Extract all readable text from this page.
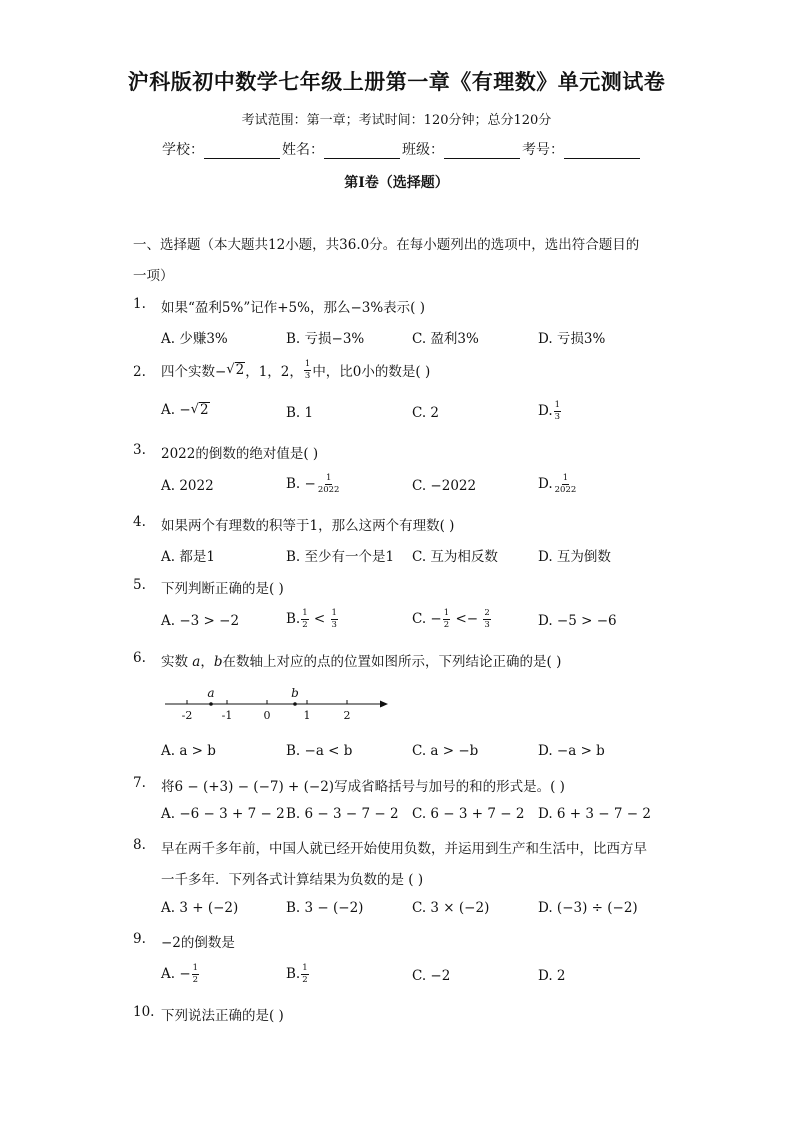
沪科版初中数学七年级上册第一章《有理数》单元测试卷
考试范围：第一章；考试时间：120分钟；总分120分
学校：	姓名：	班级：	考号：
第I卷（选择题）
一、选择题（本大题共12小题，共36.0分。在每小题列出的选项中，选出符合题目的
一项）
1. 如果“盈利5%”记作+5%，那么−3%表示( )
A. 少赚3%	B. 亏损−3%	C. 盈利3%	D. 亏损3%
2. 四个实数− √ 2 ，1，2， $\frac{1}{3}$ 中，比0小的数是( )
A. − √ 2	B. 1	C. 2	D. $\frac{1}{3}$
3. 2022的倒数的绝对值是( )
A. 2022	B. − $\frac{1}{2022}$	C. −2022	D. $\frac{1}{2022}$
4. 如果两个有理数的积等于1，那么这两个有理数( )
A. 都是1	B. 至少有一个是1 C. 互为相反数	D. 互为倒数
5. 下列判断正确的是( )
A. −3 > −2	B. $\frac{1}{2} < \frac{1}{3}$	C. − $\frac{1}{2} <- \frac{2}{3}$	D. −5 > −6
6. 实数 a，b在数轴上对应的点的位置如图所示，下列结论正确的是( )
-2	-1	0	1	2
a	b
A. a > b	B. −a < b	C. a > −b	D. −a > b
7. 将6 − (+3) − (−7) + (−2)写成省略括号与加号的和的形式是。( )
A. −6 − 3 + 7 − 2 B. 6 − 3 − 7 − 2 C. 6 − 3 + 7 − 2 D. 6 + 3 − 7 − 2
8. 早在两千多年前，中国人就已经开始使用负数，并运用到生产和生活中，比西方早
一千多年．下列各式计算结果为负数的是 ( )
A. 3 + (−2)	B. 3 − (−2)	C. 3 × (−2)	D. (−3) ÷ (−2)
9. −2的倒数是
A. − $\frac{1}{2}$	B. $\frac{1}{2}$	C. −2	D. 2
10. 下列说法正确的是( )
